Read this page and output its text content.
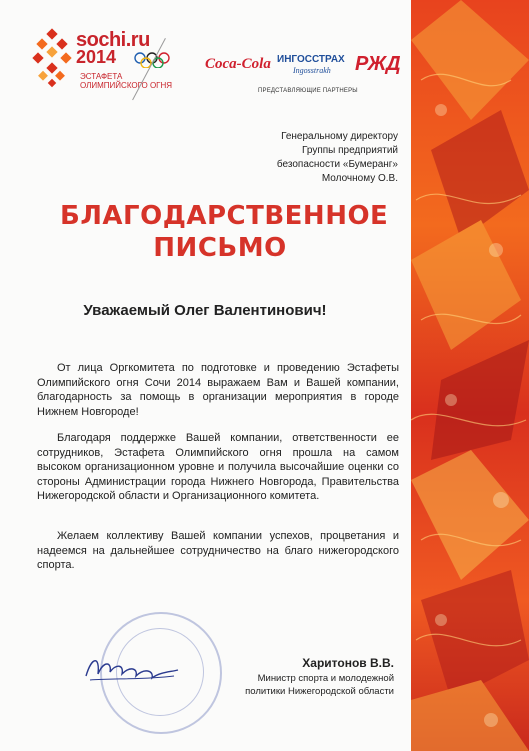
sochi.ru
2014
ЭСТАФЕТА ОЛИМПИЙСКОГО ОГНЯ
Coca-Cola ИНГОССТРАХ
Ingosstrakh РЖД
ПРЕДСТАВЛЯЮЩИЕ ПАРТНЕРЫ
Генеральному директору
Группы предприятий
безопасности «Бумеранг»
Молочному О.В.
БЛАГОДАРСТВЕННОЕ
ПИСЬМО
Уважаемый Олег Валентинович!
От лица Оргкомитета по подготовке и проведению Эстафеты Олимпийского огня Сочи 2014 выражаем Вам и Вашей компании, благодарность за помощь в организации мероприятия в городе Нижнем Новгороде!
Благодаря поддержке Вашей компании, ответственности ее сотрудников, Эстафета Олимпийского огня прошла на самом высоком организационном уровне и получила высочайшие оценки со стороны Администрации города Нижнего Новгорода, Правительства Нижегородской области и Организационного комитета.
Желаем коллективу Вашей компании успехов, процветания и надеемся на дальнейшее сотрудничество на благо нижегородского спорта.
Харитонов В.В.
Министр спорта и молодежной
политики Нижегородской области
